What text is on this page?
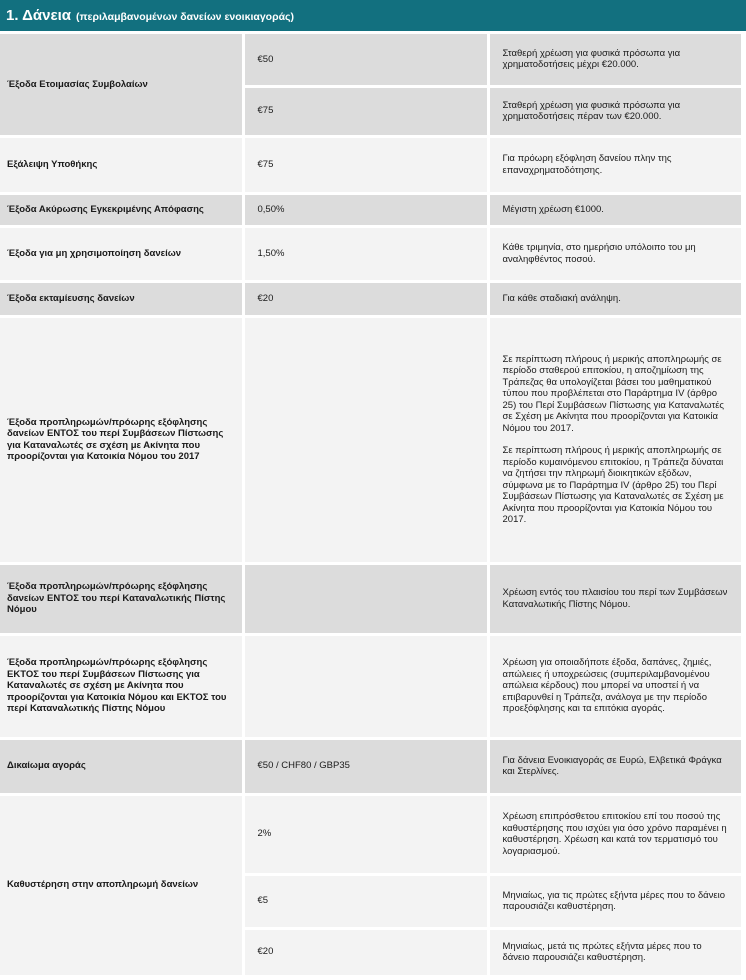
1. Δάνεια (περιλαμβανομένων δανείων ενοικιαγοράς)
Έξοδα Ετοιμασίας Συμβολαίων	€50	Σταθερή χρέωση για φυσικά πρόσωπα για χρηματοδοτήσεις μέχρι €20.000.
	€75	Σταθερή χρέωση για φυσικά πρόσωπα για χρηματοδοτήσεις πέραν των €20.000.
Εξάλειψη Υποθήκης	€75	Για πρόωρη εξόφληση δανείου πλην της επαναχρηματοδότησης.
Έξοδα Ακύρωσης Εγκεκριμένης Απόφασης	0,50%	Μέγιστη χρέωση €1000.
Έξοδα για μη χρησιμοποίηση δανείων	1,50%	Κάθε τριμηνία, στο ημερήσιο υπόλοιπο του μη αναληφθέντος ποσού.
Έξοδα εκταμίευσης δανείων	€20	Για κάθε σταδιακή ανάληψη.
Έξοδα προπληρωμών/πρόωρης εξόφλησης δανείων ΕΝΤΟΣ του περί Συμβάσεων Πίστωσης για Καταναλωτές σε σχέση με Ακίνητα που προορίζονται για Κατοικία Νόμου του 2017		Σε περίπτωση πλήρους ή μερικής αποπληρωμής σε περίοδο σταθερού επιτοκίου, η αποζημίωση της Τράπεζας θα υπολογίζεται βάσει του μαθηματικού τύπου που προβλέπεται στο Παράρτημα IV (άρθρο 25) του Περί Συμβάσεων Πίστωσης για Καταναλωτές σε Σχέση με Ακίνητα που προορίζονται για Κατοικία Νόμου του 2017.
Σε περίπτωση πλήρους ή μερικής αποπληρωμής σε περίοδο κυμαινόμενου επιτοκίου, η Τράπεζα δύναται να ζητήσει την πληρωμή διοικητικών εξόδων, σύμφωνα με το Παράρτημα IV (άρθρο 25) του Περί Συμβάσεων Πίστωσης για Καταναλωτές σε Σχέση με Ακίνητα που προορίζονται για Κατοικία Νόμου του 2017.

Έξοδα προπληρωμών/πρόωρης εξόφλησης δανείων ΕΝΤΟΣ του περί Καταναλωτικής Πίστης Νόμου		Χρέωση εντός του πλαισίου του περί των Συμβάσεων Καταναλωτικής Πίστης Νόμου.
Έξοδα προπληρωμών/πρόωρης εξόφλησης ΕΚΤΟΣ του περί Συμβάσεων Πίστωσης για Καταναλωτές σε σχέση με Ακίνητα που προορίζονται για Κατοικία Νόμου και ΕΚΤΟΣ του περί Καταναλωτικής Πίστης Νόμου		Χρέωση για οποιαδήποτε έξοδα, δαπάνες, ζημιές, απώλειες ή υποχρεώσεις (συμπεριλαμβανομένου απώλεια κέρδους) που μπορεί να υποστεί ή να επιβαρυνθεί η Τράπεζα, ανάλογα με την περίοδο προεξόφλησης και τα επιτόκια αγοράς.
Δικαίωμα αγοράς	€50 / CHF80 / GBP35	Για δάνεια Ενοικιαγοράς σε Ευρώ, Ελβετικά Φράγκα και Στερλίνες.
Καθυστέρηση στην αποπληρωμή δανείων	2%	Χρέωση επιπρόσθετου επιτοκίου επί του ποσού της καθυστέρησης που ισχύει για όσο χρόνο παραμένει η καθυστέρηση. Χρέωση και κατά τον τερματισμό του λογαριασμού.
	€5	Μηνιαίως, για τις πρώτες εξήντα μέρες που το δάνειο παρουσιάζει καθυστέρηση.
	€20	Μηνιαίως, μετά τις πρώτες εξήντα μέρες που το δάνειο παρουσιάζει καθυστέρηση.
